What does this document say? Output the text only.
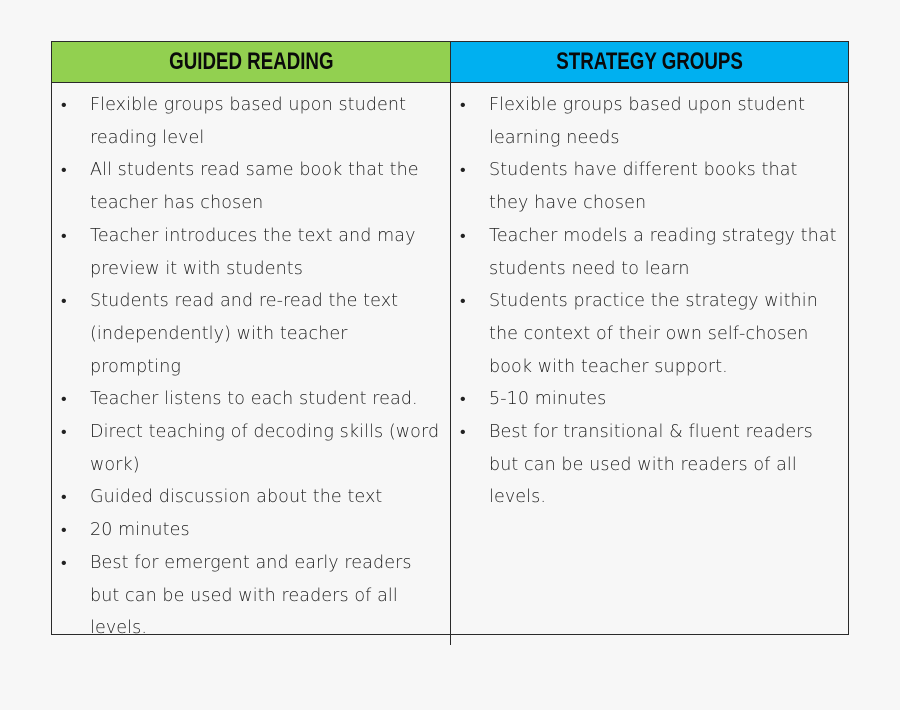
GUIDED READING	STRATEGY GROUPS
• Flexible groups based upon student reading level
• All students read same book that the teacher has chosen
• Teacher introduces the text and may preview it with students
• Students read and re-read the text (independently) with teacher prompting
• Teacher listens to each student read.
• Direct teaching of decoding skills (word work)
• Guided discussion about the text
• 20 minutes
• Best for emergent and early readers but can be used with readers of all levels.
• Flexible groups based upon student learning needs
• Students have different books that they have chosen
• Teacher models a reading strategy that students need to learn
• Students practice the strategy within the context of their own self-chosen book with teacher support.
• 5-10 minutes
• Best for transitional & fluent readers but can be used with readers of all levels.
